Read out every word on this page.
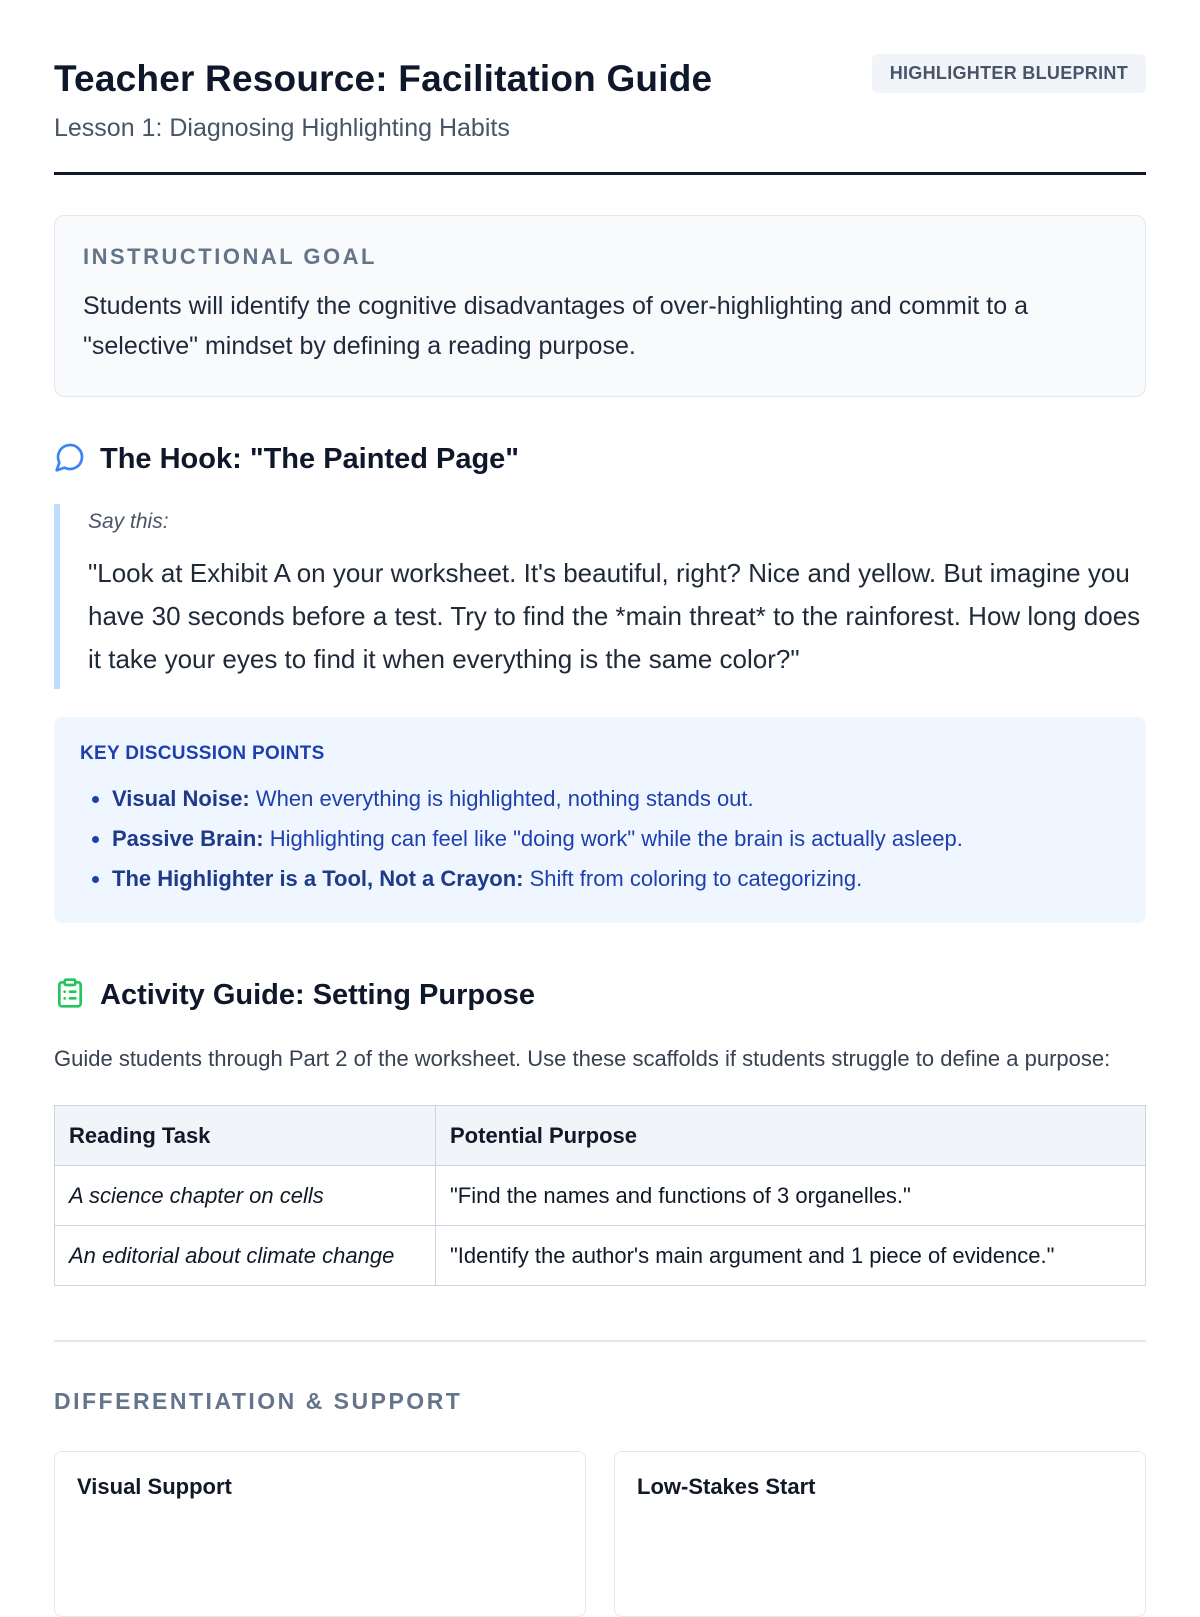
Teacher Resource: Facilitation Guide
Lesson 1: Diagnosing Highlighting Habits
HIGHLIGHTER BLUEPRINT
INSTRUCTIONAL GOAL
Students will identify the cognitive disadvantages of over-highlighting and commit to a "selective" mindset by defining a reading purpose.
The Hook: "The Painted Page"
Say this:
"Look at Exhibit A on your worksheet. It's beautiful, right? Nice and yellow. But imagine you have 30 seconds before a test. Try to find the *main threat* to the rainforest. How long does it take your eyes to find it when everything is the same color?"
KEY DISCUSSION POINTS
• Visual Noise: When everything is highlighted, nothing stands out.
• Passive Brain: Highlighting can feel like "doing work" while the brain is actually asleep.
• The Highlighter is a Tool, Not a Crayon: Shift from coloring to categorizing.
Activity Guide: Setting Purpose
Guide students through Part 2 of the worksheet. Use these scaffolds if students struggle to define a purpose:
Reading Task	Potential Purpose
A science chapter on cells	"Find the names and functions of 3 organelles."
An editorial about climate change	"Identify the author's main argument and 1 piece of evidence."
DIFFERENTIATION & SUPPORT
Visual Support	Low-Stakes Start
